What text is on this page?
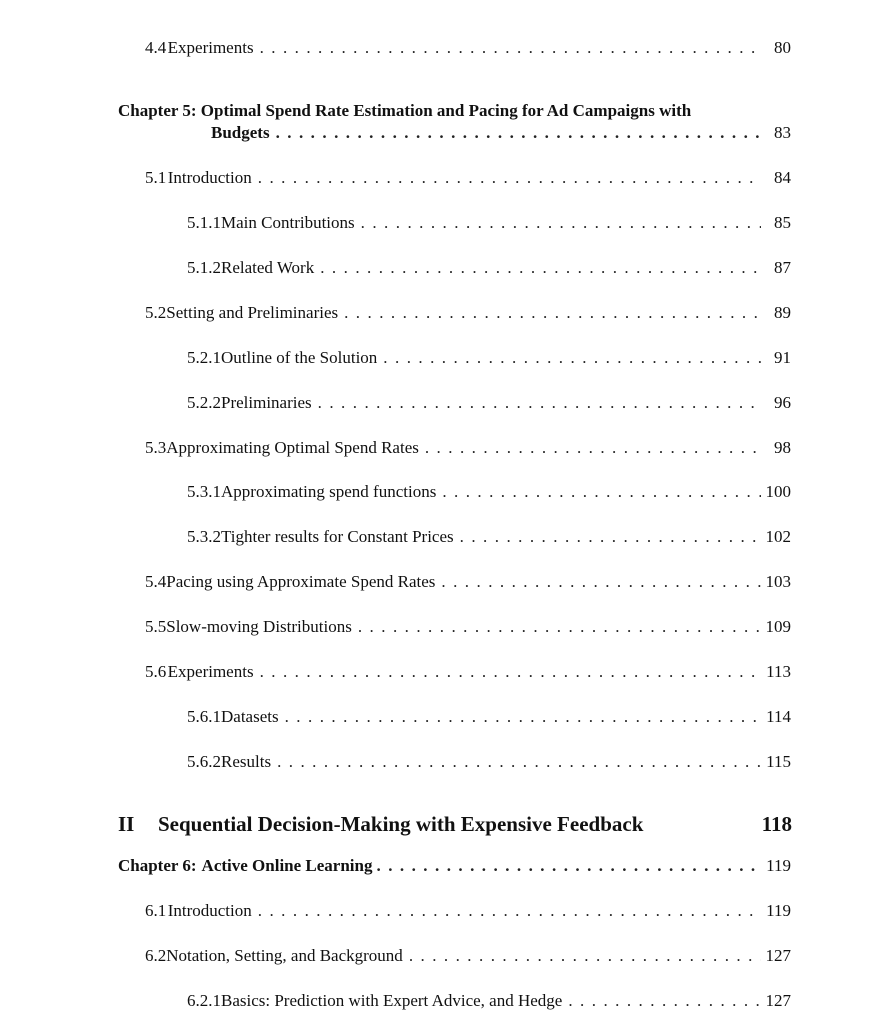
4.4 Experiments . . .	80
Chapter 5: Optimal Spend Rate Estimation and Pacing for Ad Campaigns with
Budgets . . .	83
5.1 Introduction . . .	84
5.1.1 Main Contributions . . .	85
5.1.2 Related Work . . .	87
5.2 Setting and Preliminaries . . .	89
5.2.1 Outline of the Solution . . .	91
5.2.2 Preliminaries . . .	96
5.3 Approximating Optimal Spend Rates . . .	98
5.3.1 Approximating spend functions . . .	100
5.3.2 Tighter results for Constant Prices . . .	102
5.4 Pacing using Approximate Spend Rates . . .	103
5.5 Slow-moving Distributions . . .	109
5.6 Experiments . . .	113
5.6.1 Datasets . . .	114
5.6.2 Results . . .	115
II	Sequential Decision-Making with Expensive Feedback	118
Chapter 6: Active Online Learning . . .	119
6.1 Introduction . . .	119
6.2 Notation, Setting, and Background . . .	127
6.2.1 Basics: Prediction with Expert Advice, and Hedge . . .	127
